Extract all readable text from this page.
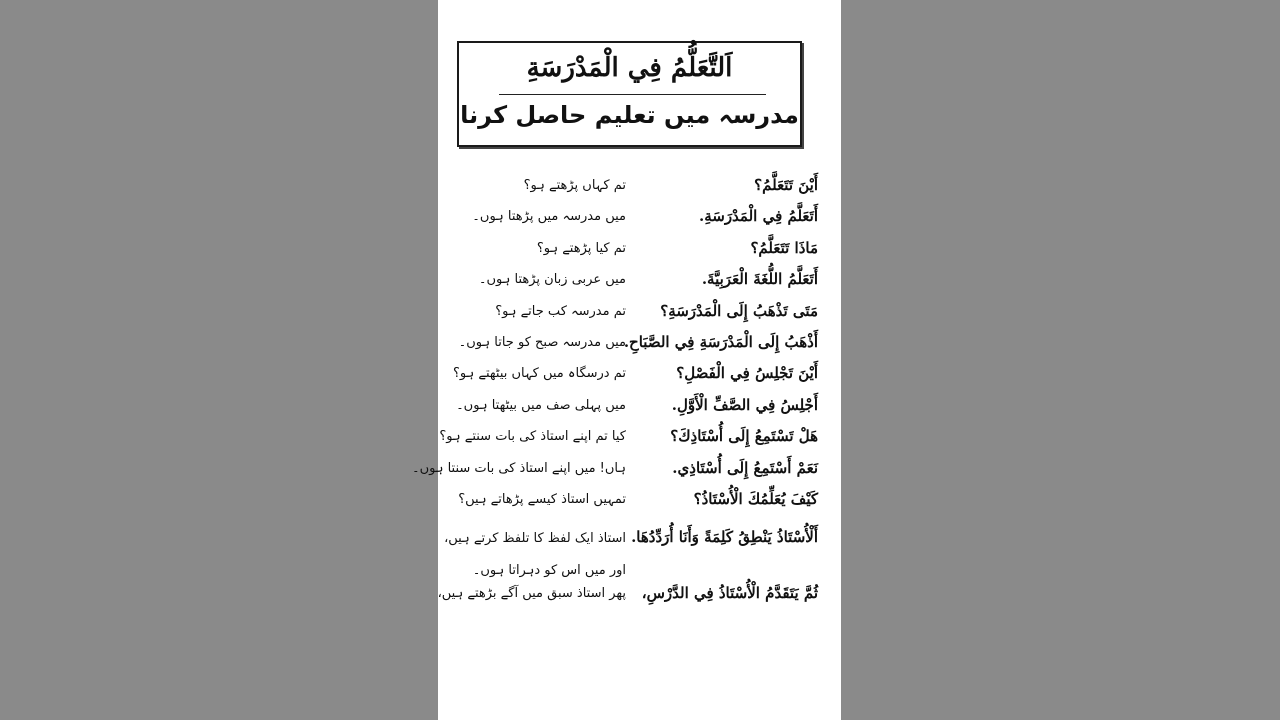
اَلتَّعَلُّمُ فِي الْمَدْرَسَةِ
مدرسہ میں تعلیم حاصل کرنا
أَيْنَ تَتَعَلَّمُ؟
تم کہاں پڑھتے ہو؟
أَتَعَلَّمُ فِي الْمَدْرَسَةِ.
میں مدرسہ میں پڑھتا ہوں۔
مَاذَا تَتَعَلَّمُ؟
تم کیا پڑھتے ہو؟
أَتَعَلَّمُ اللُّغَةَ الْعَرَبِيَّةَ.
میں عربی زبان پڑھتا ہوں۔
مَتَى تَذْهَبُ إِلَى الْمَدْرَسَةِ؟
تم مدرسہ کب جاتے ہو؟
أَذْهَبُ إِلَى الْمَدْرَسَةِ فِي الصَّبَاحِ.
میں مدرسہ صبح کو جاتا ہوں۔
أَيْنَ تَجْلِسُ فِي الْفَصْلِ؟
تم درسگاہ میں کہاں بیٹھتے ہو؟
أَجْلِسُ فِي الصَّفِّ الْأَوَّلِ.
میں پہلی صف میں بیٹھتا ہوں۔
هَلْ تَسْتَمِعُ إِلَى أُسْتَاذِكَ؟
کیا تم اپنے استاذ کی بات سنتے ہو؟
نَعَمْ أَسْتَمِعُ إِلَى أُسْتَاذِي.
ہاں! میں اپنے استاذ کی بات سنتا ہوں۔
كَيْفَ يُعَلِّمُكَ الْأُسْتَاذُ؟
تمہیں استاذ کیسے پڑھاتے ہیں؟
أَلْأُسْتَاذُ يَنْطِقُ كَلِمَةً وَأَنَا أُرَدِّدُهَا.
استاذ ایک لفظ کا تلفظ کرتے ہیں، اور میں اس کو دہراتا ہوں۔
ثُمَّ يَتَقَدَّمُ الْأُسْتَاذُ فِي الدَّرْسِ،
پھر استاذ سبق میں آگے بڑھتے ہیں،
